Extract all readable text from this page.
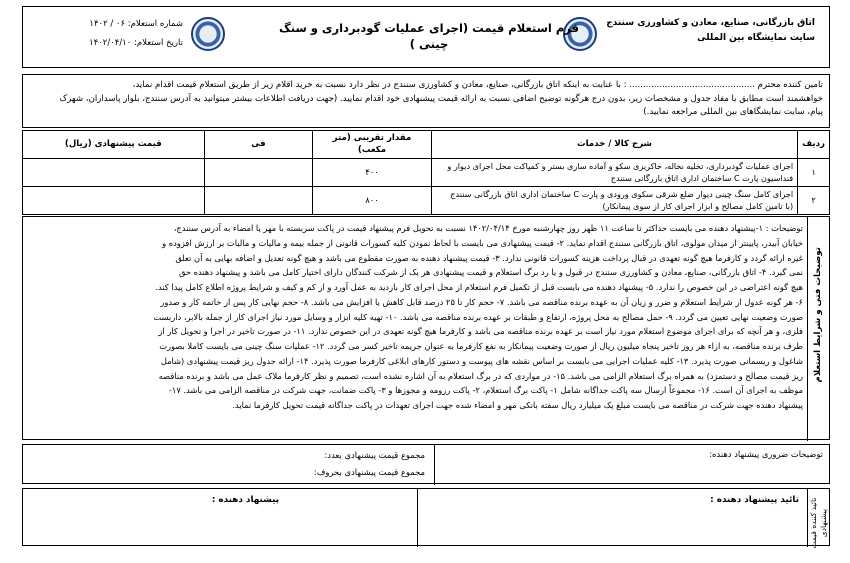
اتاق بازرگانی، صنایع، معادن و کشاورزی سنندج
سایت نمایشگاه بین المللی
فرم استعلام قیمت (اجرای عملیات گودبرداری و سنگ چینی )
شماره استعلام: ۰۶ / ۱۴۰۲
تاریخ استعلام: ۱۴۰۲/۰۴/۱۰

تامین کننده محترم .............................................. : با عنایت به اینکه اتاق بازرگانی، صنایع، معادن و کشاورزی سنندج در نظر دارد نسبت به خرید اقلام زیر از طریق استعلام قیمت اقدام نماید،

خواهشمند است مطابق با مفاد جدول و مشخصات زیر، بدون درج هرگونه توضیح اضافی نسبت به ارائه قیمت پیشنهادی خود اقدام نمایید. (جهت دریافت اطلاعات بیشتر میتوانید به آدرس سنندج، بلوار پاسداران، شهرک

پیام، سایت نمایشگاهای بین المللی مراجعه نمایید.)

ردیف	شرح کالا / خدمات	مقدار تقریبی (متر مکعب)	فی	قیمت پیشنهادی (ریال)
۱	اجرای عملیات گودبرداری، تخلیه نخاله، خاکریزی سکو و آماده سازی بستر و کمپاکت محل اجرای دیوار و
فنداسیون پارت C ساختمان اداری اتاق بازرگانی سنندج	۴۰۰		
۲	اجرای کامل سنگ چینی دیوار ضلع شرقی سکوی ورودی و پارت C ساختمان اداری اتاق بازرگانی سنندج
(با تامین کامل مصالح و ابزار اجرای کار از سوی پیمانکار)	۸۰۰		
توضیحات فنی و شرایط استعلام
توضیحات : ۱-پیشنهاد دهنده می بایست حداکثر تا ساعت ۱۱ ظهر روز چهارشنبه مورخ ۱۴۰۲/۰۴/۱۴ نسبت به تحویل فرم پیشنهاد قیمت در پاکت سربسته با مهر یا امضاء به آدرس سنندج،
خیابان آبیدر، پایینتر از میدان مولوی، اتاق بازرگانی سنندج اقدام نماید. ۲- قیمت پیشنهادی می بایست با لحاظ نمودن کلیه کسورات قانونی از جمله بیمه و مالیات و مالیات بر ارزش افزوده و
غیره ارائه گردد و کارفرما هیچ گونه تعهدی در قبال پرداخت هزینه کسورات قانونی ندارد. ۳- قیمت پیشنهاد دهنده به صورت مقطوع می باشد و هیچ گونه تعدیل و اضافه بهایی به آن تعلق
نمی گیرد. ۴- اتاق بازرگانی، صنایع، معادن و کشاورزی سنندج در قبول و یا رد برگ استعلام و قیمت پیشنهادی هر یک از شرکت کنندگان دارای اختیار کامل می باشد و پیشنهاد دهنده حق
هیچ گونه اعتراضی در این خصوص را ندارد. ۵- پیشنهاد دهنده می بایست قبل از تکمیل فرم استعلام از محل اجرای کار بازدید به عمل آورد و از کم و کیف و شرایط پروژه اطلاع کامل پیدا کند.
۶- هر گونه عدول از شرایط استعلام و ضرر و زیان آن به عهده برنده مناقصه می باشد. ۷- حجم کار تا ۲۵ درصد قابل کاهش یا افزایش می باشد. ۸- حجم نهایی کار پس از خاتمه کار و صدور
صورت وضعیت نهایی تعیین می گردد. ۹- حمل مصالح به محل پروژه، ارتفاع و طبقات بر عهده برنده مناقصه می باشد. ۱۰- تهیه کلیه ابزار و وسایل مورد نیاز اجرای کار از جمله بالابر، داربست
فلزی، و هر آنچه که برای اجرای موضوع استعلام مورد نیاز است بر عهده برنده مناقصه می باشد و کارفرما هیچ گونه تعهدی در این خصوص ندارد. ۱۱- در صورت تاخیر در اجرا و تحویل کار از
طرف برنده مناقصه، به ازاء هر روز تاخیر پنجاه میلیون ریال از صورت وضعیت پیمانکار به نفع کارفرما به عنوان جریمه تاخیر کسر می گردد. ۱۲- عملیات سنگ چینی می بایست کاملا بصورت
شاغول و ریسمانی صورت پذیرد. ۱۳- کلیه عملیات اجرایی می بایست بر اساس نقشه های پیوست و دستور کارهای ابلاغی کارفرما صورت پذیرد. ۱۴- ارائه جدول ریز قیمت پیشنهادی (شامل
ریز قیمت مصالح و دستمزد) به همراه برگ استعلام الزامی می باشد. ۱۵- در مواردی که در برگ استعلام به آن اشاره نشده است، تصمیم و نظر کارفرما ملاک عمل می باشد و برنده مناقصه
موظف به اجرای آن است. ۱۶- مجموعاً ارسال سه پاکت جداگانه شامل ۱- پاکت برگ استعلام، ۲- پاکت رزومه و مجوزها و ۳- پاکت ضمانت، جهت شرکت در مناقصه الزامی می باشد. ۱۷-
پیشنهاد دهنده جهت شرکت در مناقصه می بایست مبلغ یک میلیارد ریال سفته بانکی مهر و امضاء شده جهت اجرای تعهدات در پاکت جداگانه قیمت تحویل کارفرما نماید.
توضیحات ضروری پیشنهاد دهنده:
مجموع قیمت پیشنهادی بعدد:
مجموع قیمت پیشنهادی بحروف:
تائید کننده قیمت پیشنهادی
تائید پیشنهاد دهنده :
پیشنهاد دهنده :
